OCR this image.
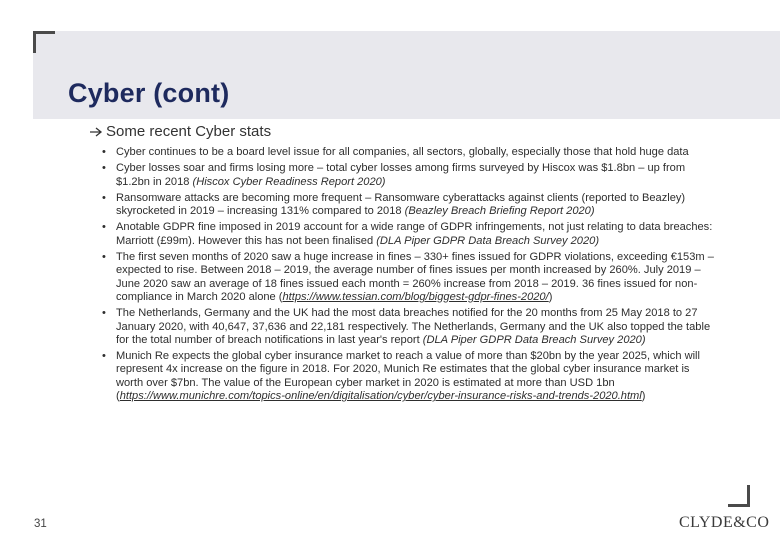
Cyber (cont)
Some recent Cyber stats
• Cyber continues to be a board level issue for all companies, all sectors, globally, especially those that hold huge data
• Cyber losses soar and firms losing more – total cyber losses among firms surveyed by Hiscox was $1.8bn – up from $1.2bn in 2018 (Hiscox Cyber Readiness Report 2020)
• Ransomware attacks are becoming more frequent – Ransomware cyberattacks against clients (reported to Beazley) skyrocketed in 2019 – increasing 131% compared to 2018 (Beazley Breach Briefing Report 2020)
• Anotable GDPR fine imposed in 2019 account for a wide range of GDPR infringements, not just relating to data breaches: Marriott (£99m). However this has not been finalised (DLA Piper GDPR Data Breach Survey 2020)
• The first seven months of 2020 saw a huge increase in fines – 330+ fines issued for GDPR violations, exceeding €153m – expected to rise. Between 2018 – 2019, the average number of fines issues per month increased by 260%. July 2019 – June 2020 saw an average of 18 fines issued each month = 260% increase from 2018 – 2019. 36 fines issued for non-compliance in March 2020 alone (https://www.tessian.com/blog/biggest-gdpr-fines-2020/)
• The Netherlands, Germany and the UK had the most data breaches notified for the 20 months from 25 May 2018 to 27 January 2020, with 40,647, 37,636 and 22,181 respectively. The Netherlands, Germany and the UK also topped the table for the total number of breach notifications in last year's report (DLA Piper GDPR Data Breach Survey 2020)
• Munich Re expects the global cyber insurance market to reach a value of more than $20bn by the year 2025, which will represent 4x increase on the figure in 2018. For 2020, Munich Re estimates that the global cyber insurance market is worth over $7bn. The value of the European cyber market in 2020 is estimated at more than USD 1bn (https://www.munichre.com/topics-online/en/digitalisation/cyber/cyber-insurance-risks-and-trends-2020.html)
31	CLYDE&CO
